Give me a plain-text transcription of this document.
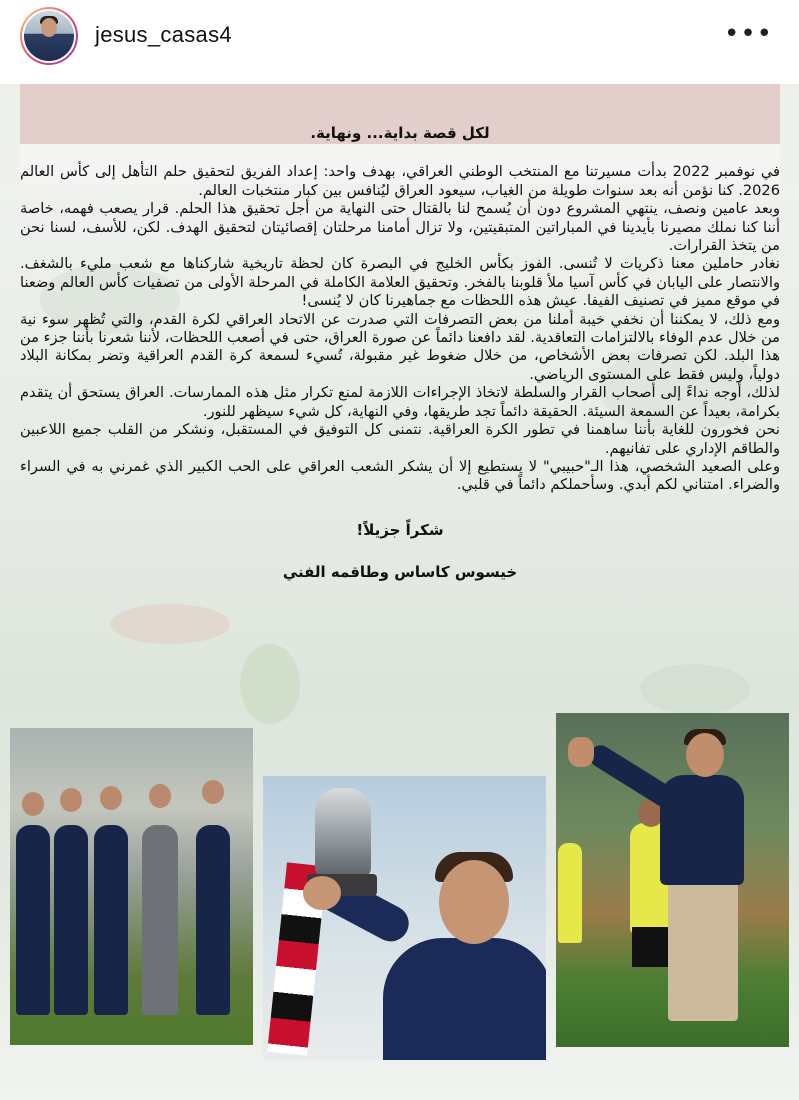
jesus_casas4	•••
لكل قصة بداية... ونهاية.
في نوفمبر 2022 بدأت مسيرتنا مع المنتخب الوطني العراقي، بهدف واحد: إعداد الفريق لتحقيق حلم التأهل إلى كأس العالم 2026. كنا نؤمن أنه بعد سنوات طويلة من الغياب، سيعود العراق ليُنافس بين كبار منتخبات العالم.
وبعد عامين ونصف، ينتهي المشروع دون أن يُسمح لنا بالقتال حتى النهاية من أجل تحقيق هذا الحلم. قرار يصعب فهمه، خاصة أننا كنا نملك مصيرنا بأيدينا في المباراتين المتبقيتين، ولا تزال أمامنا مرحلتان إقصائيتان لتحقيق الهدف. لكن، للأسف، لسنا نحن من يتخذ القرارات.
نغادر حاملين معنا ذكريات لا تُنسى. الفوز بكأس الخليج في البصرة كان لحظة تاريخية شاركناها مع شعب مليء بالشغف. والانتصار على اليابان في كأس آسيا ملأ قلوبنا بالفخر. وتحقيق العلامة الكاملة في المرحلة الأولى من تصفيات كأس العالم وضعنا في موقع مميز في تصنيف الفيفا. عيش هذه اللحظات مع جماهيرنا كان لا يُنسى!
ومع ذلك، لا يمكننا أن نخفي خيبة أملنا من بعض التصرفات التي صدرت عن الاتحاد العراقي لكرة القدم، والتي تُظهر سوء نية من خلال عدم الوفاء بالالتزامات التعاقدية. لقد دافعنا دائماً عن صورة العراق، حتى في أصعب اللحظات، لأننا شعرنا بأننا جزء من هذا البلد. لكن تصرفات بعض الأشخاص، من خلال ضغوط غير مقبولة، تُسيء لسمعة كرة القدم العراقية وتضر بمكانة البلاد دولياً، وليس فقط على المستوى الرياضي.
لذلك، أوجه نداءً إلى أصحاب القرار والسلطة لاتخاذ الإجراءات اللازمة لمنع تكرار مثل هذه الممارسات. العراق يستحق أن يتقدم بكرامة، بعيداً عن السمعة السيئة. الحقيقة دائماً تجد طريقها، وفي النهاية، كل شيء سيظهر للنور.
نحن فخورون للغاية بأننا ساهمنا في تطور الكرة العراقية. نتمنى كل التوفيق في المستقبل، ونشكر من القلب جميع اللاعبين والطاقم الإداري على تفانيهم.
وعلى الصعيد الشخصي، هذا الـ"حبيبي" لا يستطيع إلا أن يشكر الشعب العراقي على الحب الكبير الذي غمرني به في السراء والضراء. امتناني لكم أبدي. وسأحملكم دائماً في قلبي.
شكراً جزيلاً!
خيسوس كاساس وطاقمه الفني
